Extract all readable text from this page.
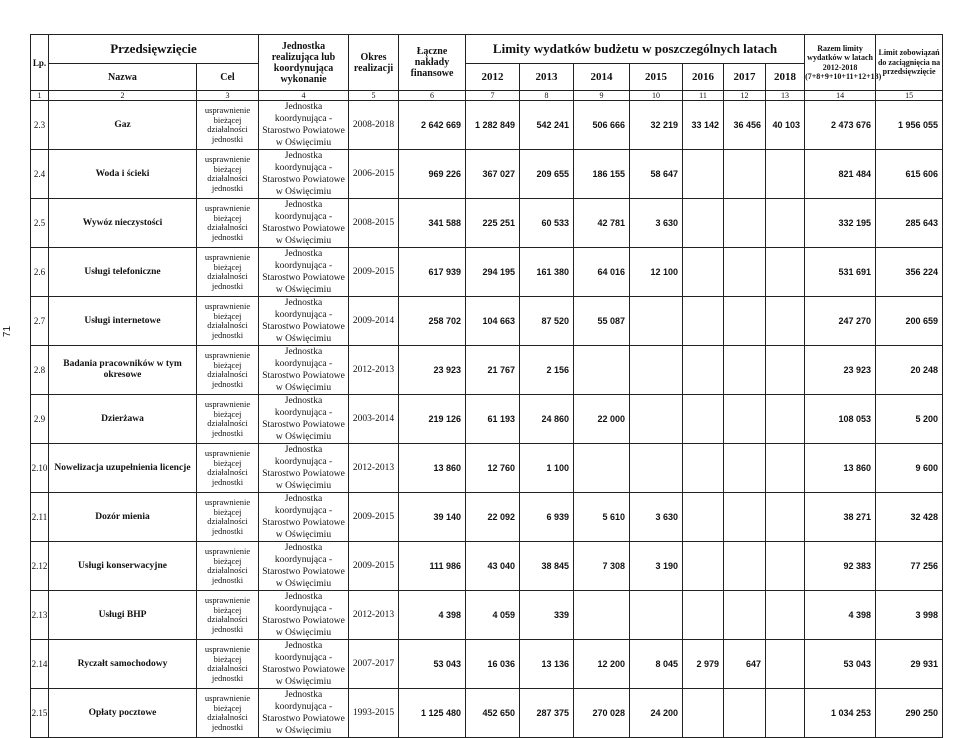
71
Lp.	Przedsięwzięcie		Jednostka realizująca lub koordynująca wykonanie	Okres realizacji	Łączne nakłady finansowe	Limity wydatków budżetu w poszczególnych latach							Razem limity wydatków w latach 2012-2018 (7+8+9+10+11+12+13)	Limit zobowiązań do zaciągnięcia na przedsięwzięcie
	Nazwa	Cel				2012	2013	2014	2015	2016	2017	2018		
1	2	3	4	5	6	7	8	9	10	11	12	13	14	15
2.3	Gaz	usprawnienie bieżącej działalności jednostki	Jednostka koordynująca - Starostwo Powiatowe w Oświęcimiu	2008-2018	2 642 669	1 282 849	542 241	506 666	32 219	33 142	36 456	40 103	2 473 676	1 956 055
2.4	Woda i ścieki	usprawnienie bieżącej działalności jednostki	Jednostka koordynująca - Starostwo Powiatowe w Oświęcimiu	2006-2015	969 226	367 027	209 655	186 155	58 647				821 484	615 606
2.5	Wywóz nieczystości	usprawnienie bieżącej działalności jednostki	Jednostka koordynująca - Starostwo Powiatowe w Oświęcimiu	2008-2015	341 588	225 251	60 533	42 781	3 630				332 195	285 643
2.6	Usługi telefoniczne	usprawnienie bieżącej działalności jednostki	Jednostka koordynująca - Starostwo Powiatowe w Oświęcimiu	2009-2015	617 939	294 195	161 380	64 016	12 100				531 691	356 224
2.7	Usługi internetowe	usprawnienie bieżącej działalności jednostki	Jednostka koordynująca - Starostwo Powiatowe w Oświęcimiu	2009-2014	258 702	104 663	87 520	55 087					247 270	200 659
2.8	Badania pracowników w tym okresowe	usprawnienie bieżącej działalności jednostki	Jednostka koordynująca - Starostwo Powiatowe w Oświęcimiu	2012-2013	23 923	21 767	2 156						23 923	20 248
2.9	Dzierżawa	usprawnienie bieżącej działalności jednostki	Jednostka koordynująca - Starostwo Powiatowe w Oświęcimiu	2003-2014	219 126	61 193	24 860	22 000					108 053	5 200
2.10	Nowelizacja uzupełnienia licencje	usprawnienie bieżącej działalności jednostki	Jednostka koordynująca - Starostwo Powiatowe w Oświęcimiu	2012-2013	13 860	12 760	1 100						13 860	9 600
2.11	Dozór mienia	usprawnienie bieżącej działalności jednostki	Jednostka koordynująca - Starostwo Powiatowe w Oświęcimiu	2009-2015	39 140	22 092	6 939	5 610	3 630				38 271	32 428
2.12	Usługi konserwacyjne	usprawnienie bieżącej działalności jednostki	Jednostka koordynująca - Starostwo Powiatowe w Oświęcimiu	2009-2015	111 986	43 040	38 845	7 308	3 190				92 383	77 256
2.13	Usługi BHP	usprawnienie bieżącej działalności jednostki	Jednostka koordynująca - Starostwo Powiatowe w Oświęcimiu	2012-2013	4 398	4 059	339						4 398	3 998
2.14	Ryczałt samochodowy	usprawnienie bieżącej działalności jednostki	Jednostka koordynująca - Starostwo Powiatowe w Oświęcimiu	2007-2017	53 043	16 036	13 136	12 200	8 045	2 979	647		53 043	29 931
2.15	Opłaty pocztowe	usprawnienie bieżącej działalności jednostki	Jednostka koordynująca - Starostwo Powiatowe w Oświęcimiu	1993-2015	1 125 480	452 650	287 375	270 028	24 200				1 034 253	290 250
